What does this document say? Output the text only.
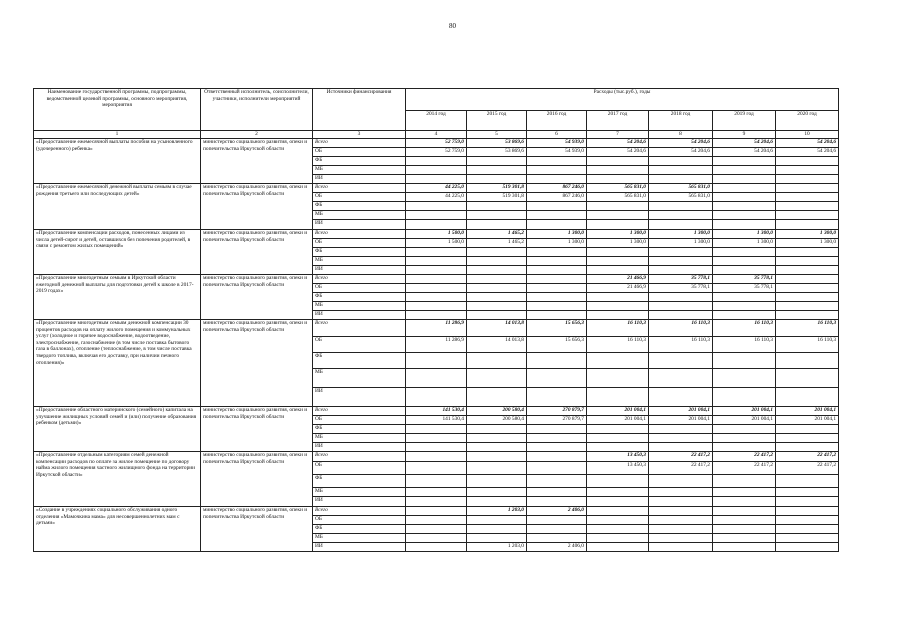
80
Наименование государственной программы, подпрограммы, ведомственной целевой программы, основного мероприятия, мероприятия	Ответственный исполнитель, соисполнители, участники, исполнители мероприятий	Источники финансирования	Расходы (тыс.руб.), годы						
			2014 год	2015 год	2016 год	2017 год	2018 год	2019 год	2020 год
1	2	3	4	5	6	7	8	9	10
«Предоставление ежемесячной выплаты пособия на усыновленного (удочеренного) ребенка»	министерство социального развития, опеки и попечительства Иркутской области	Всего	52 759,0	53 869,6	54 939,0	54 204,6	54 204,6	54 204,6	54 204,6
		ОБ	52 759,0	53 869,6	54 939,0	54 204,6	54 204,6	54 204,6	54 204,6
		ФБ							
		МБ							
		ИИ							
«Предоставление ежемесячной денежной выплаты семьям в случае рождения третьего или последующих детей»	министерство социального развития, опеки и попечительства Иркутской области	Всего	44 225,0	519 301,8	867 246,0	565 831,0	565 831,0		
		ОБ	44 225,0	519 301,8	867 246,0	565 831,0	565 831,0		
		ФБ							
		МБ							
		ИИ							
«Предоставление компенсации расходов, понесенных лицами из числа детей-сирот и детей, оставшихся без попечения родителей, в связи с ремонтом жилых помещений»	министерство социального развития, опеки и попечительства Иркутской области	Всего	1 500,0	1 465,2	1 300,0	1 300,0	1 300,0	1 300,0	1 300,0
		ОБ	1 500,0	1 465,2	1 300,0	1 300,0	1 300,0	1 300,0	1 300,0
		ФБ							
		МБ							
		ИИ							
«Предоставление многодетным семьям в Иркутской области ежегодной денежной выплаты для подготовки детей к школе в 2017-2019 годах»	министерство социального развития, опеки и попечительства Иркутской области	Всего				21 466,9	35 778,1	35 778,1	
		ОБ				21 466,9	35 778,1	35 778,1	
		ФБ							
		МБ							
		ИИ							
«Предоставление многодетным семьям денежной компенсации 30 процентов расходов на оплату жилого помещения и коммунальных услуг (холодное и горячее водоснабжение, водоотведение, электроснабжение, газоснабжение (в том числе поставка бытового газа в баллонах), отопление (теплоснабжение, в том числе поставка твердого топлива, включая его доставку, при наличии печного отопления)»	министерство социального развития, опеки и попечительства Иркутской области	Всего	11 286,9	14 013,8	15 656,3	16 110,3	16 110,3	16 110,3	16 110,3
		ОБ	11 286,9	14 013,8	15 656,3	16 110,3	16 110,3	16 110,3	16 110,3
		ФБ							
		МБ							
		ИИ							
«Предоставление областного материнского (семейного) капитала на улучшение жилищных условий семей и (или) получение образования ребенком (детьми)»	министерство социального развития, опеки и попечительства Иркутской области	Всего	141 530,4	200 580,4	270 879,7	201 004,1	201 004,1	201 004,1	201 004,1
		ОБ	141 530,4	200 580,4	270 879,7	201 004,1	201 004,1	201 004,1	201 004,1
		ФБ							
		МБ							
		ИИ							
«Предоставление отдельным категориям семей денежной компенсации расходов по оплате за жилое помещение по договору найма жилого помещения частного жилищного фонда на территории Иркутской области»	министерство социального развития, опеки и попечительства Иркутской области	Всего				13 450,3	22 417,2	22 417,2	22 417,2
		ОБ				13 450,3	22 417,2	22 417,2	22 417,2
		ФБ							
		МБ							
		ИИ							
«Создание в учреждениях социального обслуживания одного отделения «Мамочкина мама» для несовершеннолетних мам с детьми»	министерство социального развития, опеки и попечительства Иркутской области	Всего		1 203,0	2 406,0				
		ОБ							
		ФБ							
		МБ							
		ИИ		1 203,0	2 406,0				
